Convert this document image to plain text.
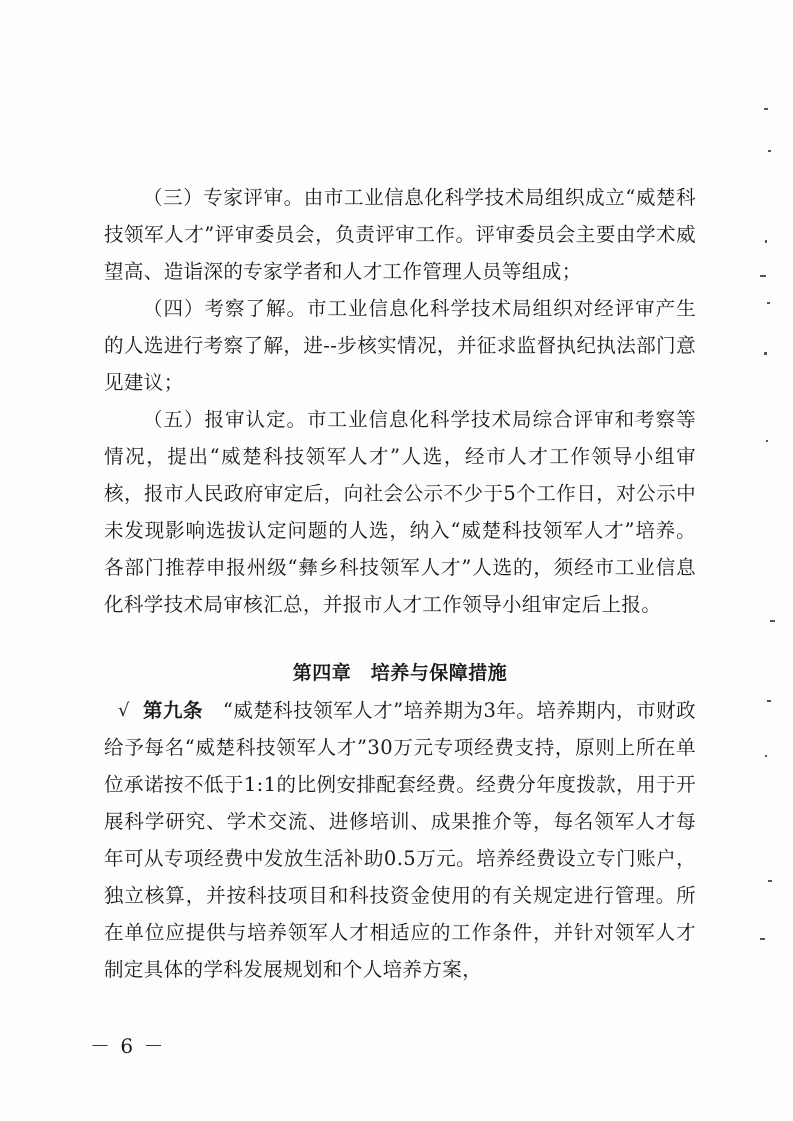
（三）专家评审。由市工业信息化科学技术局组织成立“威楚科技领军人才”评审委员会，负责评审工作。评审委员会主要由学术威望高、造诣深的专家学者和人才工作管理人员等组成；

（四）考察了解。市工业信息化科学技术局组织对经评审产生的人选进行考察了解，进--步核实情况，并征求监督执纪执法部门意见建议；

（五）报审认定。市工业信息化科学技术局综合评审和考察等情况，提出“威楚科技领军人才”人选，经市人才工作领导小组审核，报市人民政府审定后，向社会公示不少于5个工作日，对公示中未发现影响选拔认定问题的人选，纳入“威楚科技领军人才”培养。各部门推荐申报州级“彝乡科技领军人才”人选的，须经市工业信息化科学技术局审核汇总，并报市人才工作领导小组审定后上报。

第四章　培养与保障措施
√ 第九条　 “威楚科技领军人才”培养期为3年。培养期内，市财政给予每名“威楚科技领军人才”30万元专项经费支持，原则上所在单位承诺按不低于1:1的比例安排配套经费。经费分年度拨款，用于开展科学研究、学术交流、进修培训、成果推介等，每名领军人才每年可从专项经费中发放生活补助0.5万元。培养经费设立专门账户，独立核算，并按科技项目和科技资金使用的有关规定进行管理。所在单位应提供与培养领军人才相适应的工作条件，并针对领军人才制定具体的学科发展规划和个人培养方案，

－ 6 －
